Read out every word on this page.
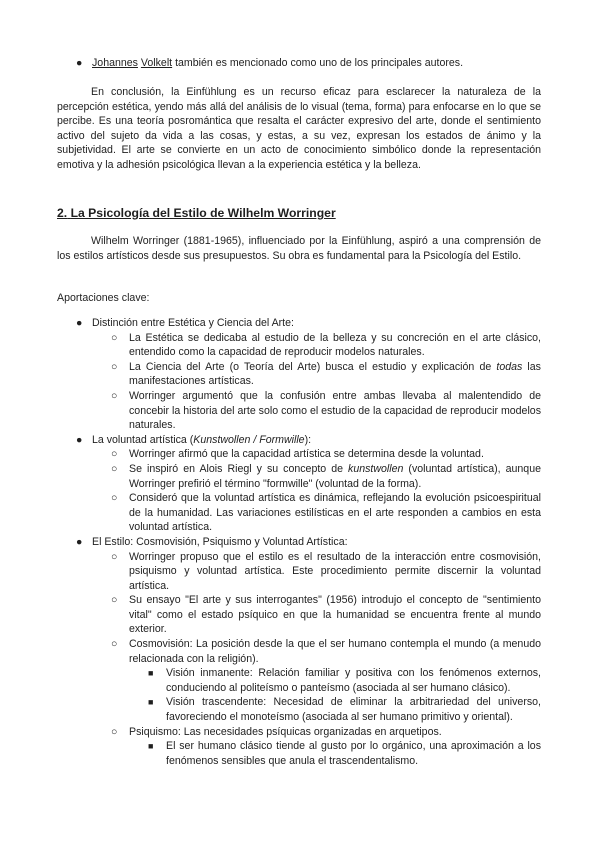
● Johannes Volkelt también es mencionado como uno de los principales autores.

En conclusión, la Einfühlung es un recurso eficaz para esclarecer la naturaleza de la percepción estética, yendo más allá del análisis de lo visual (tema, forma) para enfocarse en lo que se percibe. Es una teoría posromántica que resalta el carácter expresivo del arte, donde el sentimiento activo del sujeto da vida a las cosas, y estas, a su vez, expresan los estados de ánimo y la subjetividad. El arte se convierte en un acto de conocimiento simbólico donde la representación emotiva y la adhesión psicológica llevan a la experiencia estética y la belleza.

2. La Psicología del Estilo de Wilhelm Worringer

Wilhelm Worringer (1881-1965), influenciado por la Einfühlung, aspiró a una comprensión de los estilos artísticos desde sus presupuestos. Su obra es fundamental para la Psicología del Estilo.

Aportaciones clave:

● Distinción entre Estética y Ciencia del Arte:
○ La Estética se dedicaba al estudio de la belleza y su concreción en el arte clásico, entendido como la capacidad de reproducir modelos naturales.
○ La Ciencia del Arte (o Teoría del Arte) busca el estudio y explicación de todas las manifestaciones artísticas.
○ Worringer argumentó que la confusión entre ambas llevaba al malentendido de concebir la historia del arte solo como el estudio de la capacidad de reproducir modelos naturales.
● La voluntad artística (Kunstwollen / Formwille):
○ Worringer afirmó que la capacidad artística se determina desde la voluntad.
○ Se inspiró en Alois Riegl y su concepto de kunstwollen (voluntad artística), aunque Worringer prefirió el término "formwille" (voluntad de la forma).
○ Consideró que la voluntad artística es dinámica, reflejando la evolución psicoespiritual de la humanidad. Las variaciones estilísticas en el arte responden a cambios en esta voluntad artística.
● El Estilo: Cosmovisión, Psiquismo y Voluntad Artística:
○ Worringer propuso que el estilo es el resultado de la interacción entre cosmovisión, psiquismo y voluntad artística. Este procedimiento permite discernir la voluntad artística.
○ Su ensayo "El arte y sus interrogantes" (1956) introdujo el concepto de "sentimiento vital" como el estado psíquico en que la humanidad se encuentra frente al mundo exterior.
○ Cosmovisión: La posición desde la que el ser humano contempla el mundo (a menudo relacionada con la religión).
■ Visión inmanente: Relación familiar y positiva con los fenómenos externos, conduciendo al politeísmo o panteísmo (asociada al ser humano clásico).
■ Visión trascendente: Necesidad de eliminar la arbitrariedad del universo, favoreciendo el monoteísmo (asociada al ser humano primitivo y oriental).
○ Psiquismo: Las necesidades psíquicas organizadas en arquetipos.
■ El ser humano clásico tiende al gusto por lo orgánico, una aproximación a los fenómenos sensibles que anula el trascendentalismo.
